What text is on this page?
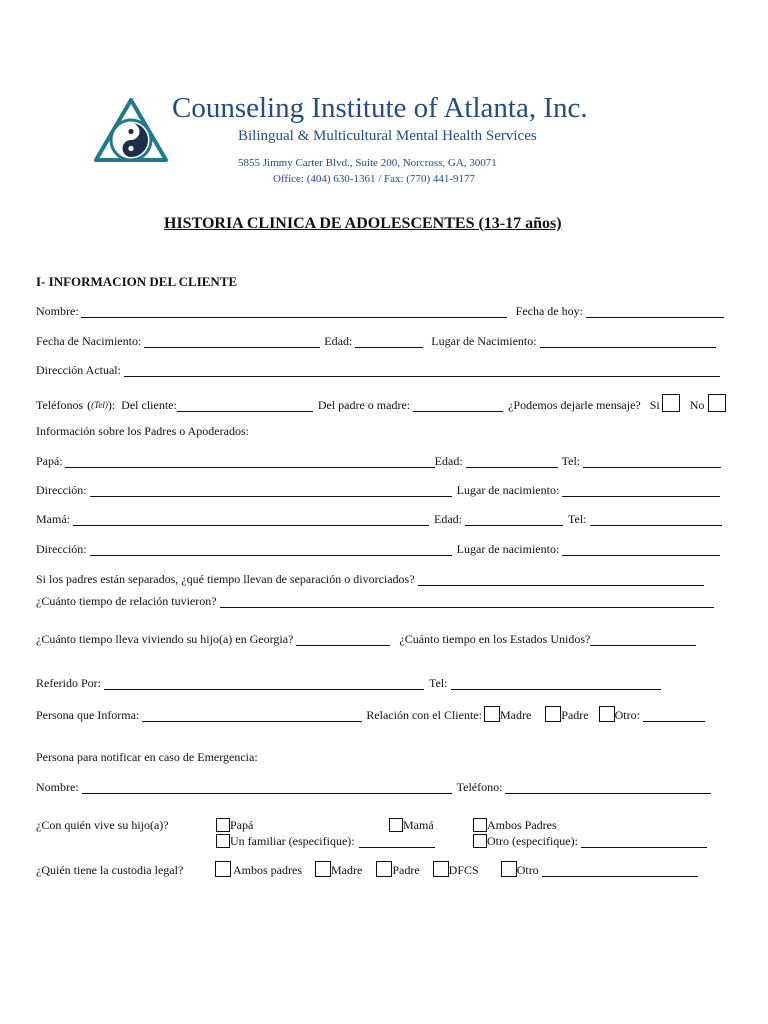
Counseling Institute of Atlanta, Inc.
Bilingual & Multicultural Mental Health Services
5855 Jimmy Carter Blvd., Suite 200, Norcross, GA, 30071
Office: (404) 630-1361 / Fax: (770) 441-9177
HISTORIA CLINICA DE ADOLESCENTES (13-17 años)
I- INFORMACION DEL CLIENTE
Nombre:	Fecha de hoy:
Fecha de Nacimiento:	Edad:	Lugar de Nacimiento:
Dirección Actual:
Teléfonos ( (Tel) ): Del cliente:	Del padre o madre:	¿Podemos dejarle mensaje? Si	No
Información sobre los Padres o Apoderados:
Papá:	Edad:	Tel:
Dirección:	Lugar de nacimiento:
Mamá:	Edad:	Tel:
Dirección:	Lugar de nacimiento:
Si los padres están separados, ¿qué tiempo llevan de separación o divorciados?
¿Cuánto tiempo de relación tuvieron?
¿Cuánto tiempo lleva viviendo su hijo(a) en Georgia?	¿Cuánto tiempo en los Estados Unidos?
Referido Por:	Tel:
Persona que Informa:	Relación con el Cliente: Madre	Padre Otro:
Persona para notificar en caso de Emergencia:
Nombre:	Teléfono:
¿Con quién vive su hijo(a)?	Papá	Mamá	Ambos Padres
Un familiar (especifique):	Otro (especifique):
¿Quién tiene la custodia legal?	Ambos padres Madre	Padre DFCS	Otro
